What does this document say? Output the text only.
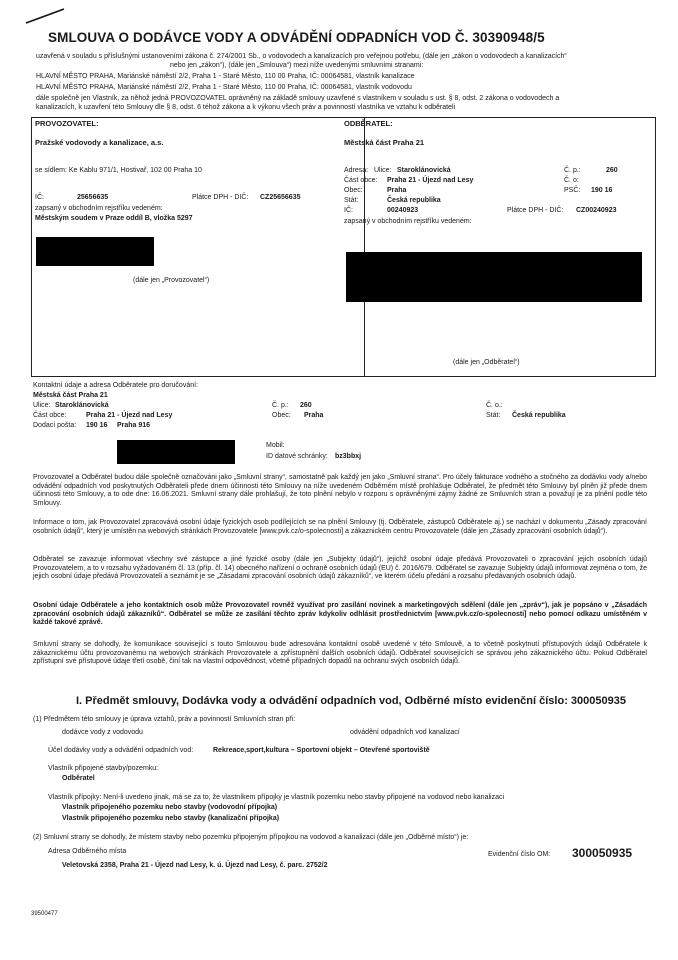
SMLOUVA O DODÁVCE VODY A ODVÁDĚNÍ ODPADNÍCH VOD Č. 30390948/5
uzavřená v souladu s příslušnými ustanoveními zákona č. 274/2001 Sb., o vodovodech a kanalizacích pro veřejnou potřebu, (dále jen „zákon o vodovodech a kanalizacích“
nebo jen „zákon“), (dále jen „Smlouva“) mezi níže uvedenými smluvními stranami:
HLAVNÍ MĚSTO PRAHA, Mariánské náměstí 2/2, Praha 1 - Staré Město, 110 00 Praha, IČ: 00064581, vlastník kanalizace
HLAVNÍ MĚSTO PRAHA, Mariánské náměstí 2/2, Praha 1 - Staré Město, 110 00 Praha, IČ: 00064581, vlastník vodovodu
dále společně jen Vlastník, za něhož jedná PROVOZOVATEL oprávněný na základě smlouvy uzavřené s vlastníkem v souladu s ust. § 8, odst. 2 zákona o vodovodech a
kanalizacích, k uzavření této Smlouvy dle § 8, odst. 6 téhož zákona a k výkonu všech práv a povinností vlastníka ve vztahu k odběrateli
PROVOZOVATEL:
Pražské vodovody a kanalizace, a.s.
se sídlem: Ke Kablu 971/1, Hostivař, 102 00 Praha 10
IČ:	25656635	Plátce DPH - DIČ: CZ25656635
zapsaný v obchodním rejstříku vedeném:
Městským soudem v Praze oddíl B, vložka 5297
(dále jen „Provozovatel“)
ODBĚRATEL:
Městská část Praha 21
Adresa: Ulice: Staroklánovická	Č. p.:	260
Část obce: Praha 21 - Újezd nad Lesy	Č. o:
Obec:	Praha	PSČ: 190 16
Stát:	Česká republika
IČ:	00240923	Plátce DPH - DIČ: CZ00240923
zapsaný v obchodním rejstříku vedeném:
(dále jen „Odběratel“)
Kontaktní údaje a adresa Odběratele pro doručování:
Městská část Praha 21
Ulice: Staroklánovická	Č. p.: 260	Č. o.:
Část obce:	Praha 21 - Újezd nad Lesy	Obec: Praha	Stát: Česká republika
Dodací pošta: 190 16 Praha 916
Mobil:
ID datové schránky: bz3bbxj
Provozovatel a Odběratel budou dále společně označováni jako „Smluvní strany“, samostatně pak každý jen jako „Smluvní strana“. Pro účely fakturace vodného a stočného za dodávku vody a/nebo odvádění odpadních vod poskytnutých Odběrateli přede dnem účinnosti této Smlouvy na níže uvedeném Odběrném místě prohlašuje Odběratel, že předmět této Smlouvy byl plněn již přede dnem účinnosti této Smlouvy, a to ode dne: 16.06.2021. Smluvní strany dále prohlašují, že toto plnění nebylo v rozporu s oprávněnými zájmy žádné ze Smluvních stran a považují je za plnění podle této Smlouvy.
Informace o tom, jak Provozovatel zpracovává osobní údaje fyzických osob podílejících se na plnění Smlouvy (tj. Odběratele, zástupců Odběratele aj.) se nachází v dokumentu „Zásady zpracování osobních údajů“, který je umístěn na webových stránkách Provozovatele [www.pvk.cz/o-spolecnosti] a zákaznickém centru Provozovatele (dále jen „Zásady zpracování osobních údajů“).
Odběratel se zavazuje informovat všechny své zástupce a jiné fyzické osoby (dále jen „Subjekty údajů“), jejichž osobní údaje předává Provozovateli o zpracování jejich osobních údajů Provozovatelem, a to v rozsahu vyžadovaném čl. 13 (příp. čl. 14) obecného nařízení o ochraně osobních údajů (EU) č. 2016/679. Odběratel se zavazuje Subjekty údajů informovat zejména o tom, že jejich osobní údaje předává Provozovateli a seznámit je se „Zásadami zpracování osobních údajů zákazníků“, ve kterém účelu předání a rozsahu předávaných osobních údajů.
Osobní údaje Odběratele a jeho kontaktních osob může Provozovatel rovněž využívat pro zasílání novinek a marketingových sdělení (dále jen „zpráv“), jak je popsáno v „Zásadách zpracování osobních údajů zákazníků“. Odběratel se může ze zasílání těchto zpráv kdykoliv odhlásit prostřednictvím [www.pvk.cz/o-spolecnosti] nebo pomocí odkazu umístěném v každé takové zprávě.
Smluvní strany se dohodly, že komunikace související s touto Smlouvou bude adresována kontaktní osobě uvedené v této Smlouvě, a to včetně poskytnutí přístupových údajů Odběratele k zákaznickému účtu provozovanému na webových stránkách Provozovatele a zpřístupnění dalších osobních údajů. Odběratel souvisejících se správou jeho zákaznického účtu. Pokud Odběratel zpřístupní své přístupové údaje třetí osobě, činí tak na vlastní odpovědnost, včetně případných dopadů na ochranu svých osobních údajů.
I. Předmět smlouvy, Dodávka vody a odvádění odpadních vod, Odběrné místo evidenční číslo: 300050935
(1) Předmětem této smlouvy je úprava vztahů, práv a povinností Smluvních stran při:
dodávce vody z vodovodu	odvádění odpadních vod kanalizací
Účel dodávky vody a odvádění odpadních vod:	Rekreace,sport,kultura – Sportovní objekt – Otevřené sportoviště
Vlastník připojené stavby/pozemku:
Odběratel
Vlastník přípojky: Není-li uvedeno jinak, má se za to, že vlastníkem přípojky je vlastník pozemku nebo stavby připojené na vodovod nebo kanalizaci
Vlastník připojeného pozemku nebo stavby (vodovodní přípojka)
Vlastník připojeného pozemku nebo stavby (kanalizační přípojka)
(2) Smluvní strany se dohodly, že místem stavby nebo pozemku připojeným přípojkou na vodovod a kanalizaci (dále jen „Odběrné místo“) je:
Adresa Odběrného místa	Evidenční číslo OM: 300050935
Veletovská 2358, Praha 21 - Újezd nad Lesy, k. ú. Újezd nad Lesy, č. parc. 2752/2
39500477
